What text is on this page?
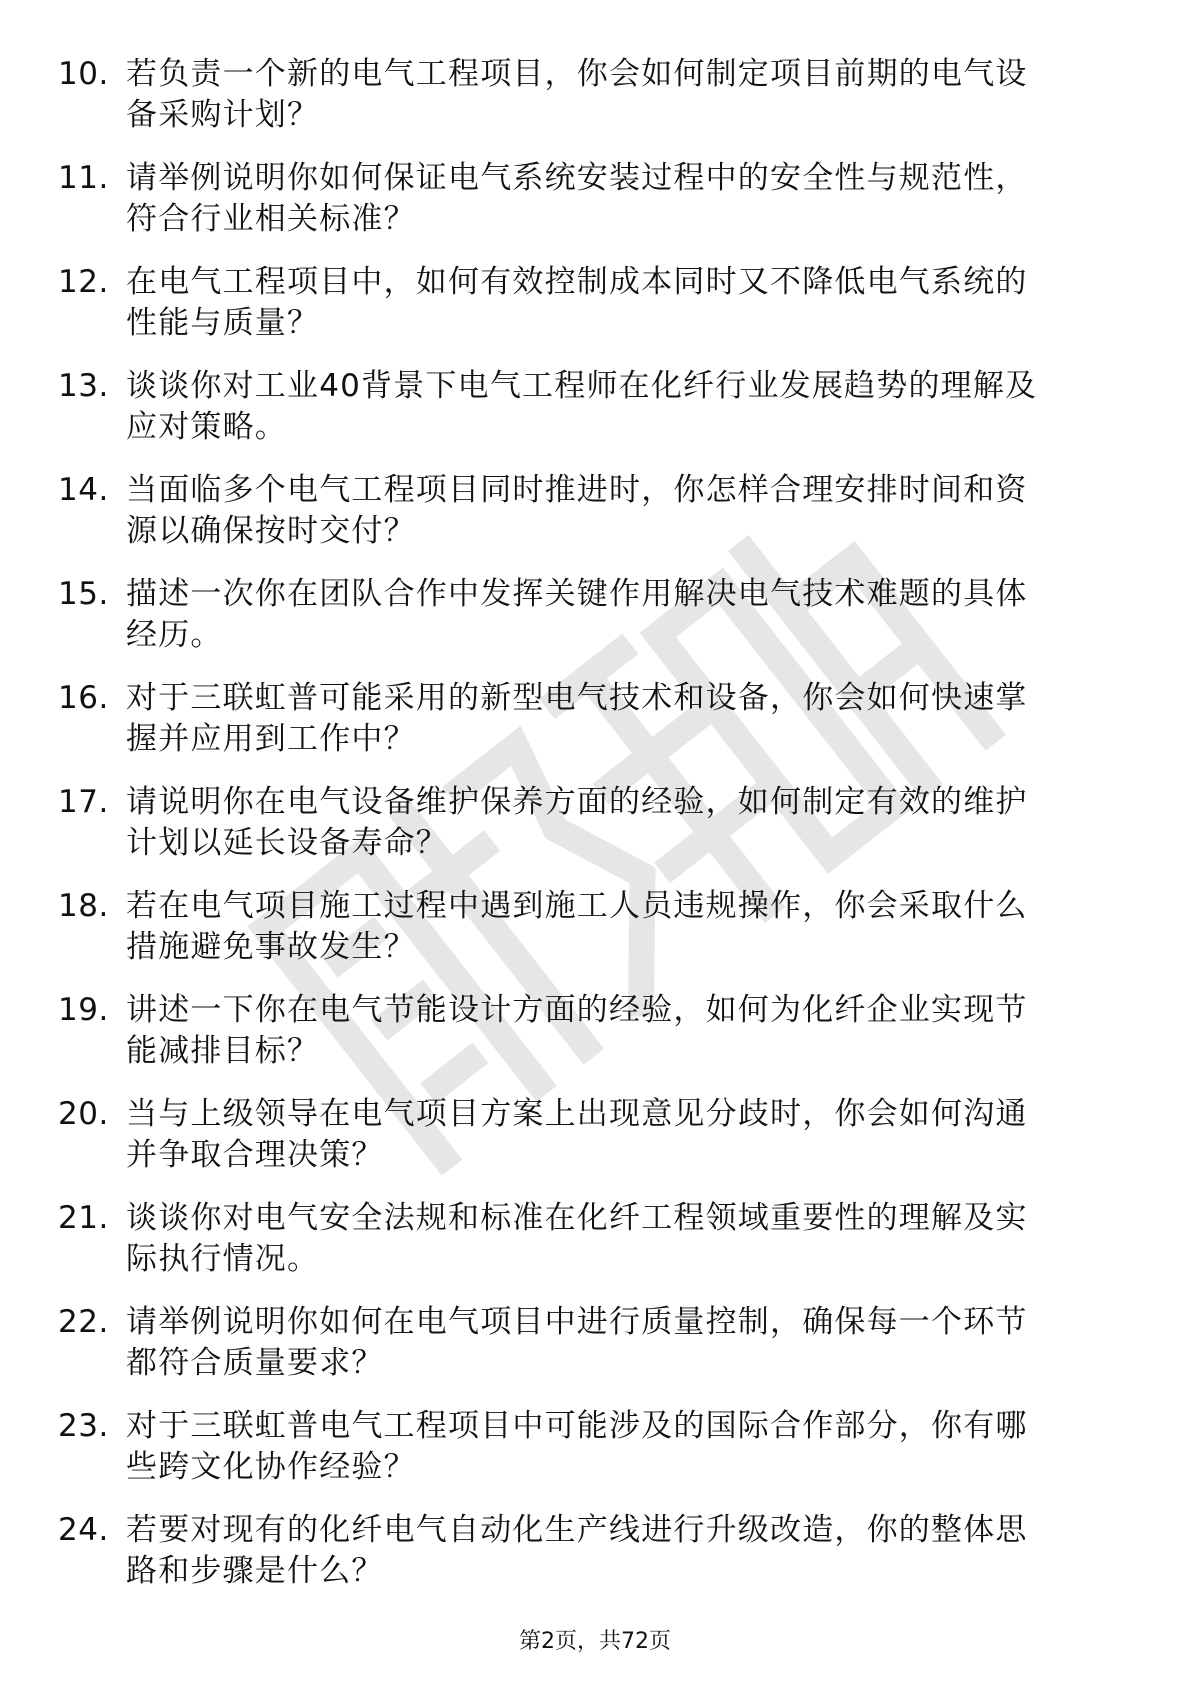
10. 若负责一个新的电气工程项目，你会如何制定项目前期的电气设
备采购计划？
11. 请举例说明你如何保证电气系统安装过程中的安全性与规范性，
符合行业相关标准？
12. 在电气工程项目中，如何有效控制成本同时又不降低电气系统的
性能与质量？
13. 谈谈你对工业40背景下电气工程师在化纤行业发展趋势的理解及
应对策略。
14. 当面临多个电气工程项目同时推进时，你怎样合理安排时间和资
源以确保按时交付？
15. 描述一次你在团队合作中发挥关键作用解决电气技术难题的具体
经历。
16. 对于三联虹普可能采用的新型电气技术和设备，你会如何快速掌
握并应用到工作中？
17. 请说明你在电气设备维护保养方面的经验，如何制定有效的维护
计划以延长设备寿命？
18. 若在电气项目施工过程中遇到施工人员违规操作，你会采取什么
措施避免事故发生？
19. 讲述一下你在电气节能设计方面的经验，如何为化纤企业实现节
能减排目标？
20. 当与上级领导在电气项目方案上出现意见分歧时，你会如何沟通
并争取合理决策？
21. 谈谈你对电气安全法规和标准在化纤工程领域重要性的理解及实
际执行情况。
22. 请举例说明你如何在电气项目中进行质量控制，确保每一个环节
都符合质量要求？
23. 对于三联虹普电气工程项目中可能涉及的国际合作部分，你有哪
些跨文化协作经验？
24. 若要对现有的化纤电气自动化生产线进行升级改造，你的整体思
路和步骤是什么？
第2页，共72页
